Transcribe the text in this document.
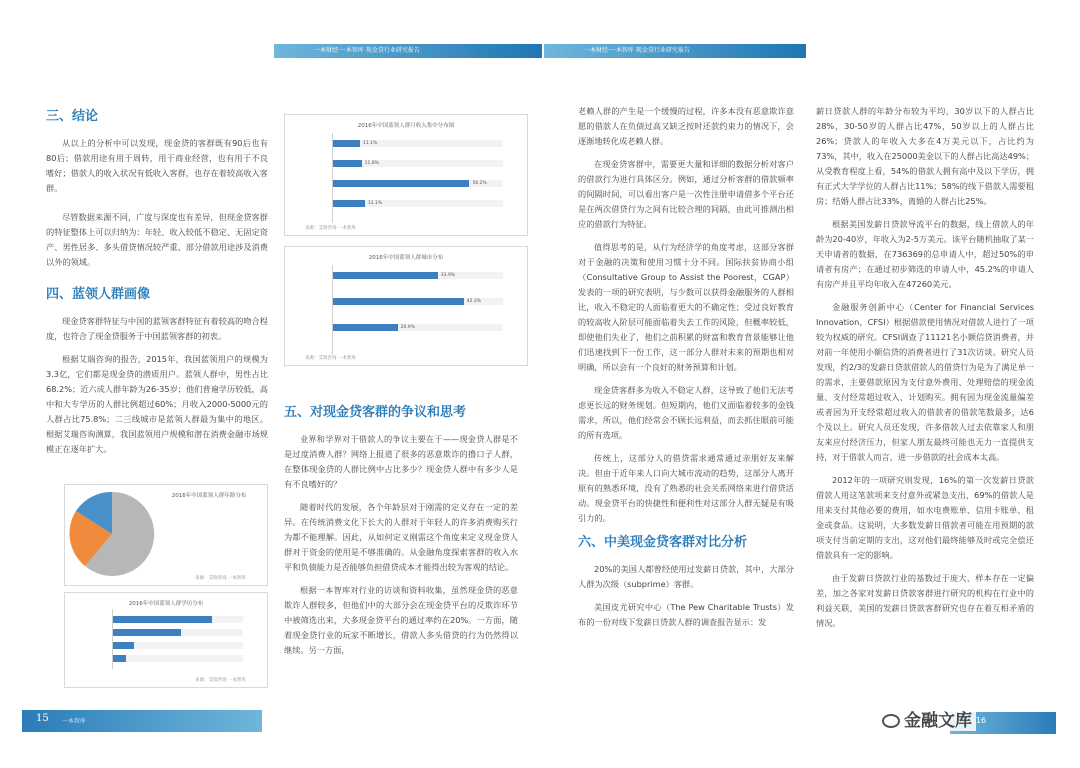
一本财经·一本智库 现金贷行业研究报告	一本财经·一本智库 现金贷行业研究报告
三、结论

从以上的分析中可以发现，现金贷的客群既有90后也有80后；借款用途有用于周转，用于商业经营，也有用于不良嗜好；借款人的收入状况有低收入客群，也存在着较高收入客群。

尽管数据来源不同，广度与深度也有差异，但现金贷客群的特征整体上可以归纳为：年轻、收入较低不稳定、无固定资产、男性居多、多头借贷情况较严重、部分借款用途涉及消费以外的领域。

四、蓝领人群画像

现金贷客群特征与中国的蓝领客群特征有着较高的吻合程度，也符合了现金贷服务于中国蓝领客群的初衷。

根据艾瑞咨询的报告，2015年，我国蓝领用户的规模为3.3亿，它们都是现金贷的潜质用户。蓝领人群中，男性占比68.2%；近六成人群年龄为26-35岁；他们普遍学历较低，高中和大专学历的人群比例超过60%；月收入2000-5000元的人群占比75.8%；二三线城市是蓝领人群最为集中的地区。根据艾瑞咨询测算，我国蓝领用户规模和潜在消费金融市场规模正在逐年扩大。

2016年中国蓝领人群年龄分布
来源：艾瑞咨询 一本智库
2016年中国蓝领人群学历分布
来源：艾瑞咨询 一本智库
2016年中国蓝领人群月收入集中分布图
11.1%
11.8%
56.2%
13.1%
来源：艾瑞咨询 一本智库
2016年中国蓝领人群城市分布
33.9%
42.3%
20.9%
来源：艾瑞咨询 一本智库
五、对现金贷客群的争议和思考

业界和学界对于借款人的争议主要在于——现金贷人群是不是过度消费人群？网络上报道了很多的恶意欺诈的撸口子人群，在整体现金贷的人群比例中占比多少？现金贷人群中有多少人是有不良嗜好的？

随着时代的发展，各个年龄层对于刚需的定义存在一定的差异。在传统消费文化下长大的人群对于年轻人的许多消费购买行为都不能理解。因此，从如何定义刚需这个角度来定义现金贷人群对于资金的使用是不够准确的。从金融角度探索客群的收入水平和负债能力是否能够负担借贷成本才能得出较为客观的结论。

根据一本智库对行业的访谈和资料收集，虽然现金贷的恶意欺诈人群较多，但他们中的大部分会在现金贷平台的反欺诈环节中被筛选出来，大多现金贷平台的通过率约在20%。一方面，随着现金贷行业的玩家不断增长，借款人多头借贷的行为仍然得以继续。另一方面，

老赖人群的产生是一个缓慢的过程，许多本没有恶意欺诈意愿的借款人在负债过高又缺乏按时还款约束力的情况下，会逐渐地转化成老赖人群。

在现金贷客群中，需要更大量和详细的数据分析对客户的借款行为进行具体区分。例如，通过分析客群的借款频率的间隔时间，可以看出客户是一次性注册申请借多个平台还是在两次借贷行为之间有比较合理的间隔，由此可推测出相应的借款行为特征。

值得思考的是，从行为经济学的角度考虑，这部分客群对于金融的决策和使用习惯十分不同。国际扶贫协商小组（Consultative Group to Assist the Poorest，CGAP）发表的一项的研究表明，与少数可以获得金融服务的人群相比，收入不稳定的人面临着更大的不确定性；受过良好教育的较高收入阶层可能面临着失去工作的风险，但概率较低，即使他们失业了，他们之前积累的财富和教育背景能够让他们迅速找到下一份工作，这一部分人群对未来的预期也相对明确，所以会有一个良好的财务预算和计划。

现金贷客群多为收入不稳定人群，这导致了他们无法考虑更长远的财务规划。但短期内，他们又面临着较多的金钱需求，所以，他们经常会不顾长远利益，而去抓住眼前可能的所有选项。

传统上，这部分人的借贷需求通常通过亲朋好友来解决。但由于近年来人口向大城市流动的趋势，这部分人离开原有的熟悉环境，没有了熟悉的社会关系网络来进行借贷活动。现金贷平台的快捷性和便利性对这部分人群无疑是有吸引力的。

六、中美现金贷客群对比分析

20%的美国人都曾经使用过发薪日贷款，其中，大部分人群为次级（subprime）客群。

美国皮尤研究中心（The Pew Charitable Trusts）发布的一份对线下发薪日贷款人群的调查报告显示：发

薪日贷款人群的年龄分布较为平均，30岁以下的人群占比28%，30-50岁的人群占比47%，50岁以上的人群占比26%；贷款人的年收入大多在4万美元以下，占比约为73%，其中，收入在25000美金以下的人群占比高达49%；从受教育程度上看，54%的借款人拥有高中及以下学历，拥有正式大学学位的人群占比11%；58%的线下借款人需要租房；结婚人群占比33%，离婚的人群占比25%。

根据美国发薪日贷款导流平台的数据，线上借款人的年龄为20-40岁，年收入为2-5万美元。该平台随机抽取了某一天申请者的数据，在736369的总申请人中，超过50%的申请者有房产；在通过初步筛选的申请人中，45.2%的申请人有房产并且平均年收入在47260美元。

金融服务创新中心（Center for Financial Services Innovation，CFSI）根据借款使用情况对借款人进行了一项较为权威的研究。CFSI调查了11121名小额信贷消费者，并对前一年使用小额信贷的消费者进行了31次访谈。研究人员发现，约2/3的发薪日贷款借款人的借贷行为是为了满足单一的需求，主要借款原因为支付意外费用、处理赔偿的现金流量、支付经常超过收入、计划购买。拥有因为现金流量偏差或者因为开支经常超过收入的借款者的借款笔数最多，达6个及以上。研究人员还发现，许多借款人过去依靠家人和朋友来应付经济压力，但家人朋友最终可能也无力一直提供支持，对于借款人而言，进一步借款的社会成本太高。

2012年的一项研究则发现，16%的第一次发薪日贷款借款人用这笔款项来支付意外或紧急支出，69%的借款人是用来支付其他必要的费用，如水电费账单、信用卡账单、租金或食品。这说明，大多数发薪日借款者可能在用预期的款项支付当前定期的支出，这对他们最终能够及时或完全偿还借款具有一定的影响。

由于发薪日贷款行业的基数过于庞大，样本存在一定偏差，加之各家对发薪日贷款客群进行研究的机构在行业中的利益关联，美国的发薪日贷款客群研究也存在着互相矛盾的情况。

15 一本智库	16
金融文库
